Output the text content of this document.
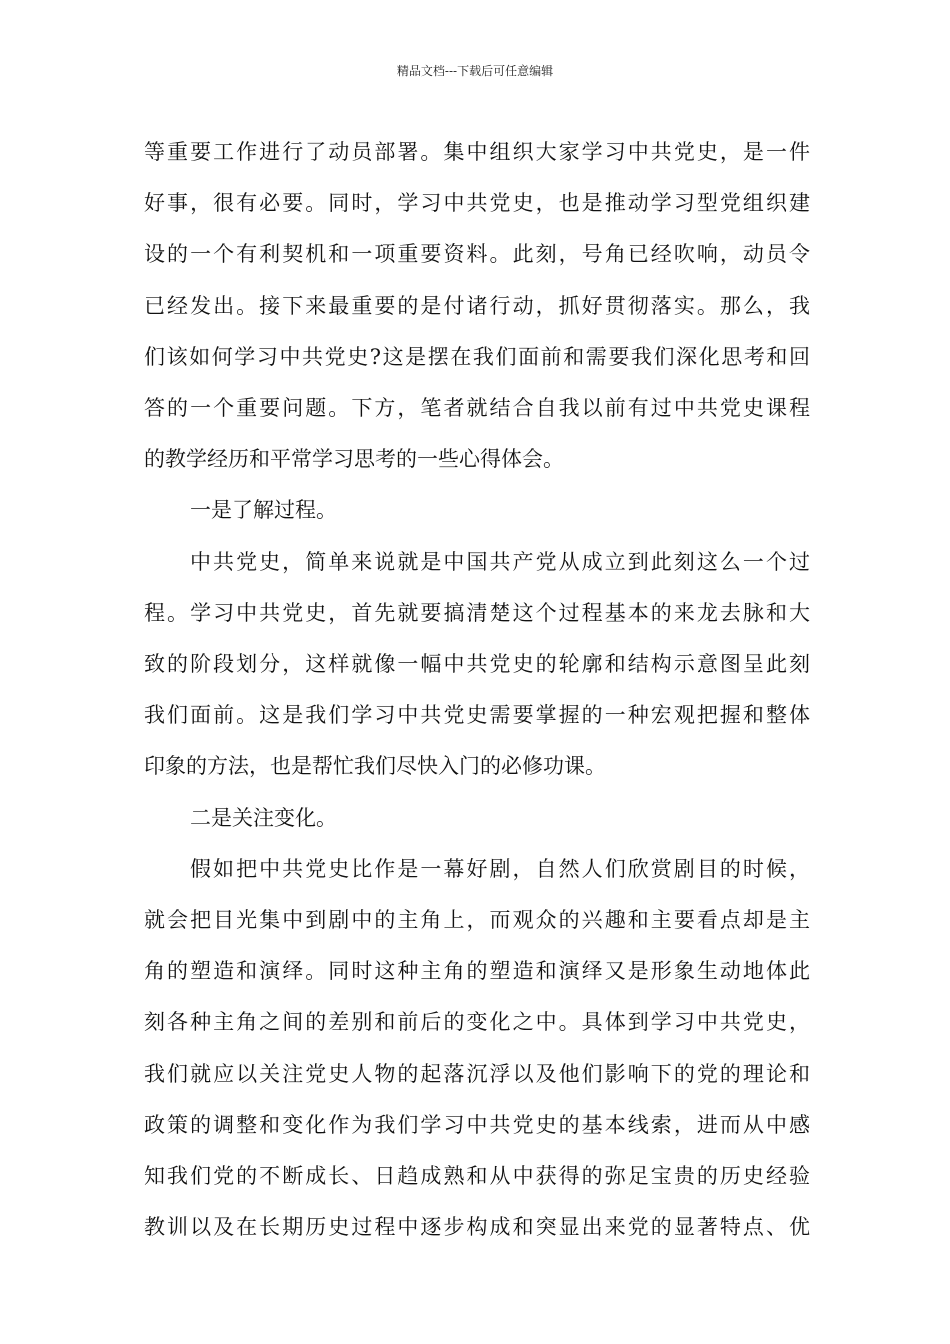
精品文档---下载后可任意编辑

等重要工作进行了动员部署。集中组织大家学习中共党史，是一件
好事，很有必要。同时，学习中共党史，也是推动学习型党组织建
设的一个有利契机和一项重要资料。此刻，号角已经吹响，动员令
已经发出。接下来最重要的是付诸行动，抓好贯彻落实。那么，我
们该如何学习中共党史?这是摆在我们面前和需要我们深化思考和回
答的一个重要问题。下方，笔者就结合自我以前有过中共党史课程
的教学经历和平常学习思考的一些心得体会。

一是了解过程。

中共党史，简单来说就是中国共产党从成立到此刻这么一个过
程。学习中共党史，首先就要搞清楚这个过程基本的来龙去脉和大
致的阶段划分，这样就像一幅中共党史的轮廓和结构示意图呈此刻
我们面前。这是我们学习中共党史需要掌握的一种宏观把握和整体
印象的方法，也是帮忙我们尽快入门的必修功课。

二是关注变化。

假如把中共党史比作是一幕好剧，自然人们欣赏剧目的时候，
就会把目光集中到剧中的主角上，而观众的兴趣和主要看点却是主
角的塑造和演绎。同时这种主角的塑造和演绎又是形象生动地体此
刻各种主角之间的差别和前后的变化之中。具体到学习中共党史，
我们就应以关注党史人物的起落沉浮以及他们影响下的党的理论和
政策的调整和变化作为我们学习中共党史的基本线索，进而从中感
知我们党的不断成长、日趋成熟和从中获得的弥足宝贵的历史经验
教训以及在长期历史过程中逐步构成和突显出来党的显著特点、优
